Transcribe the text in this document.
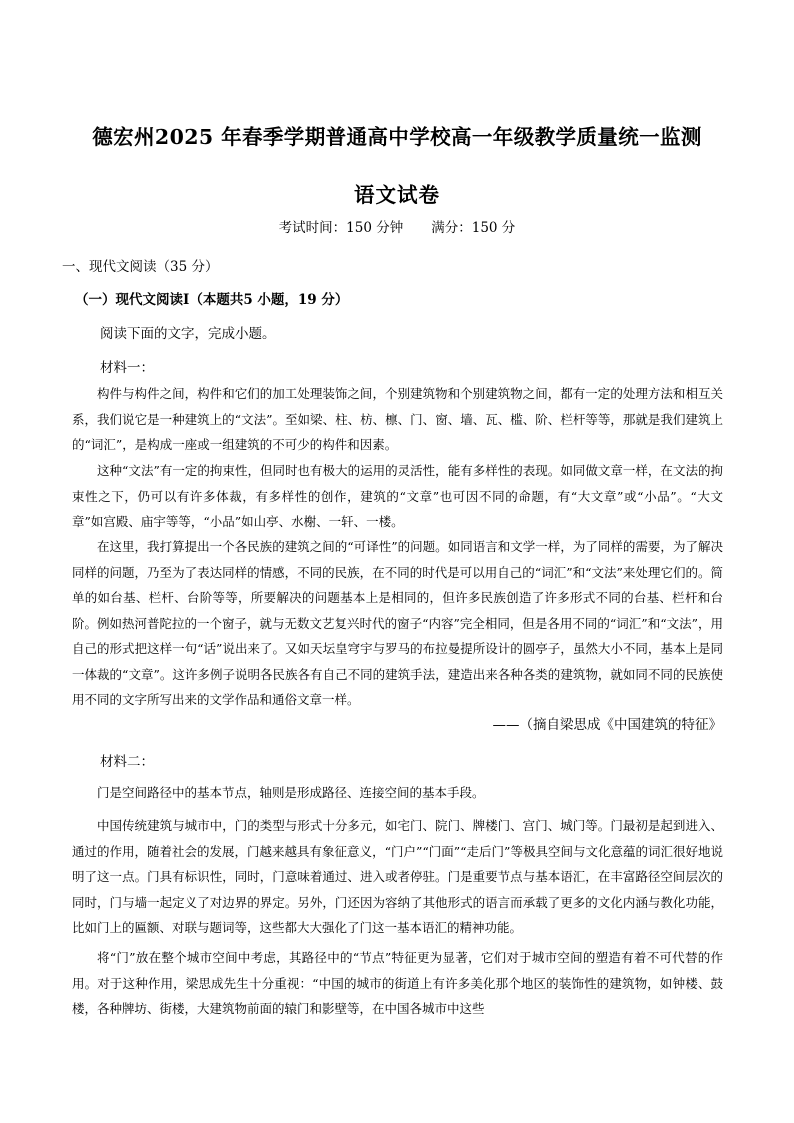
德宏州2025 年春季学期普通高中学校高一年级教学质量统一监测
语文试卷
考试时间：150 分钟 满分：150 分
一、现代文阅读（35 分）
（一）现代文阅读Ⅰ（本题共5 小题，19 分）
阅读下面的文字，完成小题。
材料一：

构件与构件之间，构件和它们的加工处理装饰之间，个别建筑物和个别建筑物之间，都有一定的处理方法和相互关系，我们说它是一种建筑上的“文法”。至如梁、柱、枋、檩、门、窗、墙、瓦、槛、阶、栏杆等等，那就是我们建筑上的“词汇”，是构成一座或一组建筑的不可少的构件和因素。

这种“文法”有一定的拘束性，但同时也有极大的运用的灵活性，能有多样性的表现。如同做文章一样，在文法的拘束性之下，仍可以有许多体裁，有多样性的创作，建筑的“文章”也可因不同的命题，有“大文章”或“小品”。“大文章”如宫殿、庙宇等等，“小品”如山亭、水榭、一轩、一楼。

在这里，我打算提出一个各民族的建筑之间的“可译性”的问题。如同语言和文学一样，为了同样的需要，为了解决同样的问题，乃至为了表达同样的情感，不同的民族，在不同的时代是可以用自己的“词汇”和“文法”来处理它们的。简单的如台基、栏杆、台阶等等，所要解决的问题基本上是相同的，但许多民族创造了许多形式不同的台基、栏杆和台阶。例如热河普陀拉的一个窗子，就与无数文艺复兴时代的窗子“内容”完全相同，但是各用不同的“词汇”和“文法”，用自己的形式把这样一句“话”说出来了。又如天坛皇穹宇与罗马的布拉曼提所设计的圆亭子，虽然大小不同，基本上是同一体裁的“文章”。这许多例子说明各民族各有自己不同的建筑手法，建造出来各种各类的建筑物，就如同不同的民族使用不同的文字所写出来的文学作品和通俗文章一样。

——（摘自梁思成《中国建筑的特征》
材料二：

门是空间路径中的基本节点，轴则是形成路径、连接空间的基本手段。

中国传统建筑与城市中，门的类型与形式十分多元，如宅门、院门、牌楼门、宫门、城门等。门最初是起到进入、通过的作用，随着社会的发展，门越来越具有象征意义，“门户”“门面”“走后门”等极具空间与文化意蕴的词汇很好地说明了这一点。门具有标识性，同时，门意味着通过、进入或者停驻。门是重要节点与基本语汇，在丰富路径空间层次的同时，门与墙一起定义了对边界的界定。另外，门还因为容纳了其他形式的语言而承载了更多的文化内涵与教化功能，比如门上的匾额、对联与题词等，这些都大大强化了门这一基本语汇的精神功能。

将“门”放在整个城市空间中考虑，其路径中的“节点”特征更为显著，它们对于城市空间的塑造有着不可代替的作用。对于这种作用，梁思成先生十分重视：“中国的城市的街道上有许多美化那个地区的装饰性的建筑物，如钟楼、鼓楼，各种牌坊、街楼，大建筑物前面的辕门和影壁等，在中国各城市中这些
